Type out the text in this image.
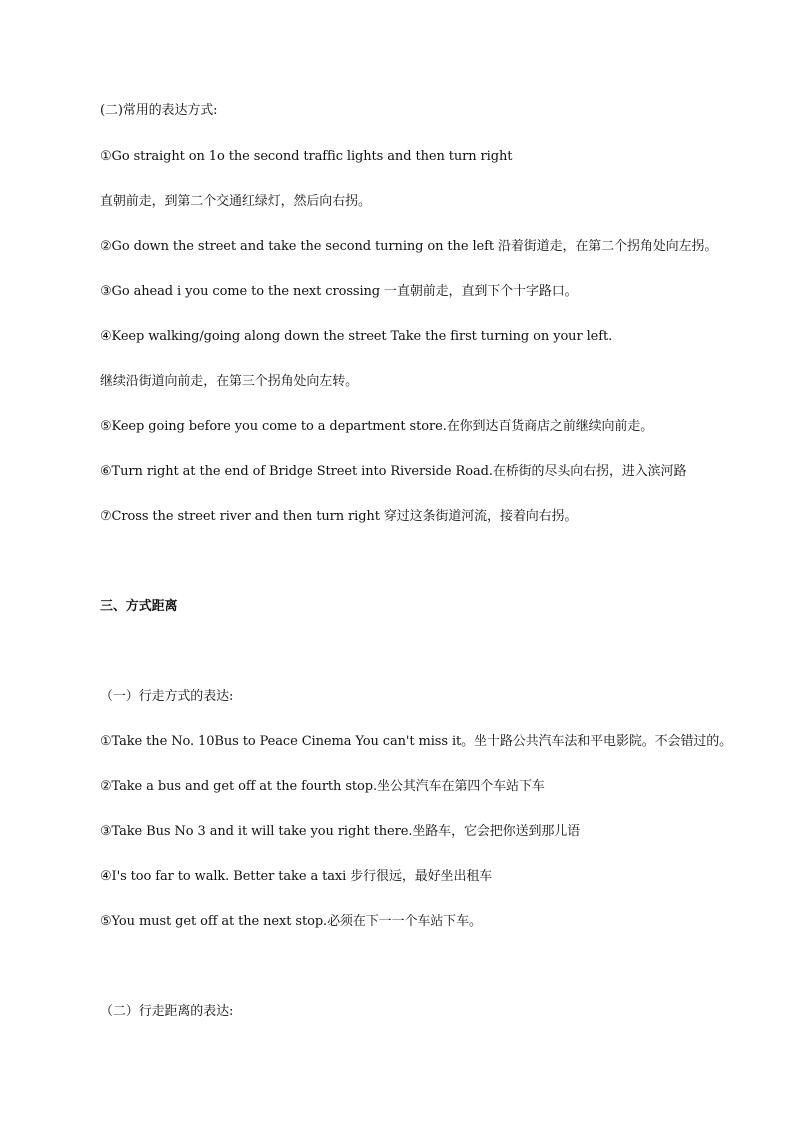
(二)常用的表达方式:
①Go straight on 1o the second traffic lights and then turn right
直朝前走，到第二个交通红绿灯，然后向右拐。
②Go down the street and take the second turning on the left 沿着街道走，在第二个拐角处向左拐。
③Go ahead i you come to the next crossing 一直朝前走，直到下个十字路口。
④Keep walking/going along down the street Take the first turning on your left.
继续沿街道向前走，在第三个拐角处向左转。
⑤Keep going before you come to a department store.在你到达百货商店之前继续向前走。
⑥Turn right at the end of Bridge Street into Riverside Road.在桥街的尽头向右拐，进入滨河路
⑦Cross the street river and then turn right 穿过这条街道河流，接着向右拐。
三、方式距离
（一）行走方式的表达:
①Take the No. 10Bus to Peace Cinema You can't miss it。坐十路公共汽车法和平电影院。不会错过的。
②Take a bus and get off at the fourth stop.坐公其汽车在第四个车站下车
③Take Bus No 3 and it will take you right there.坐路车，它会把你送到那儿语
④I's too far to walk. Better take a taxi 步行很远，最好坐出租车
⑤You must get off at the next stop.必须在下一一个车站下车。
（二）行走距离的表达:
